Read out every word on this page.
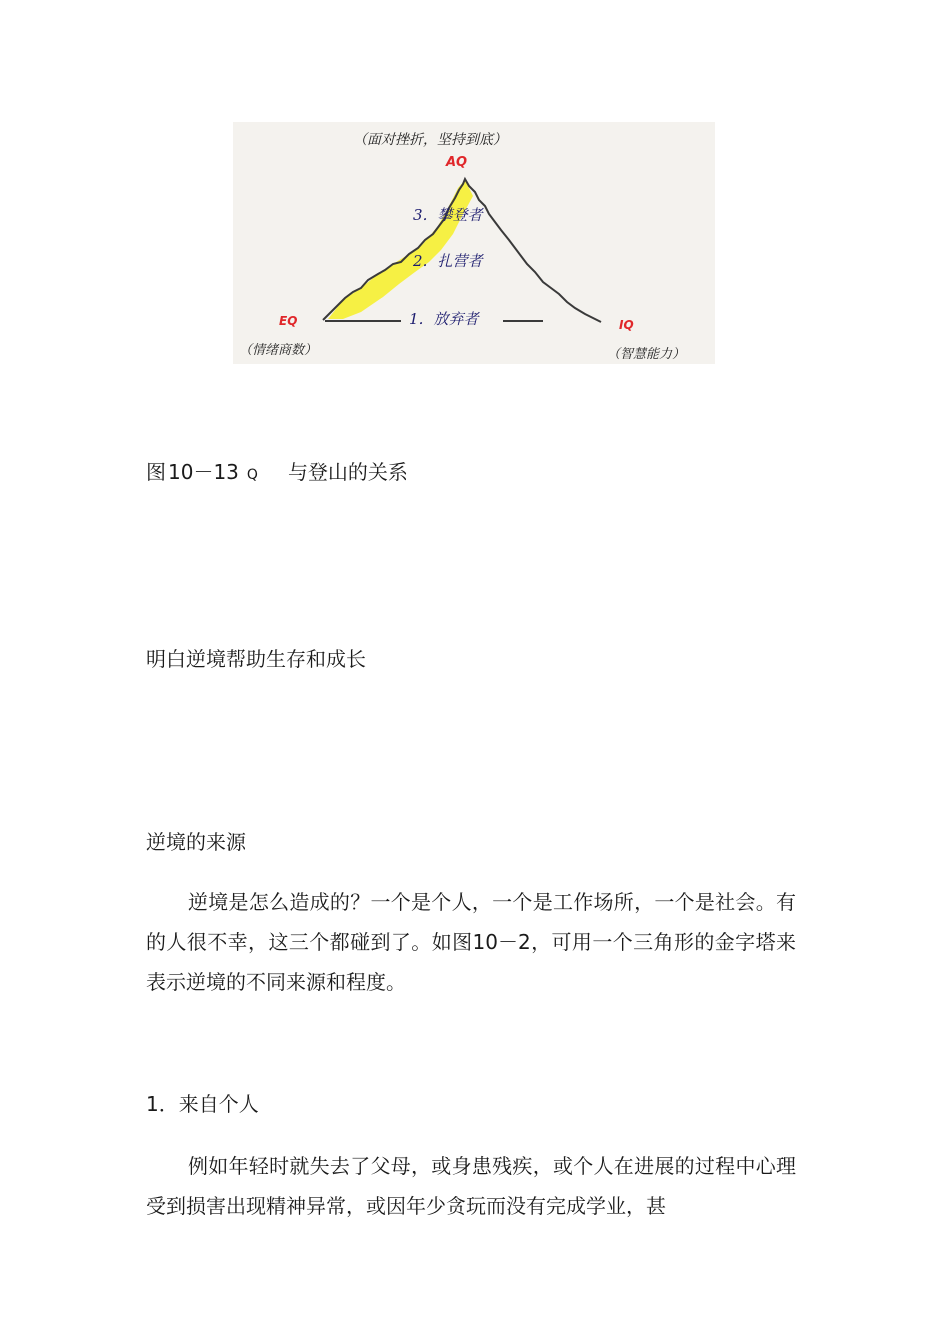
（面对挫折，坚持到底）
AQ
3．攀登者
2．扎营者
1．放弃者
EQ	IQ
（情绪商数）	（智慧能力）
图 10－13 Q 与登山的关系
明白逆境帮助生存和成长
逆境的来源
逆境是怎么造成的？一个是个人，一个是工作场所，一个是社会。有的人很不幸，这三个都碰到了。如图10－2，可用一个三角形的金字塔来表示逆境的不同来源和程度。
1．来自个人
例如年轻时就失去了父母，或身患残疾，或个人在进展的过程中心理受到损害出现精神异常，或因年少贪玩而没有完成学业，甚
